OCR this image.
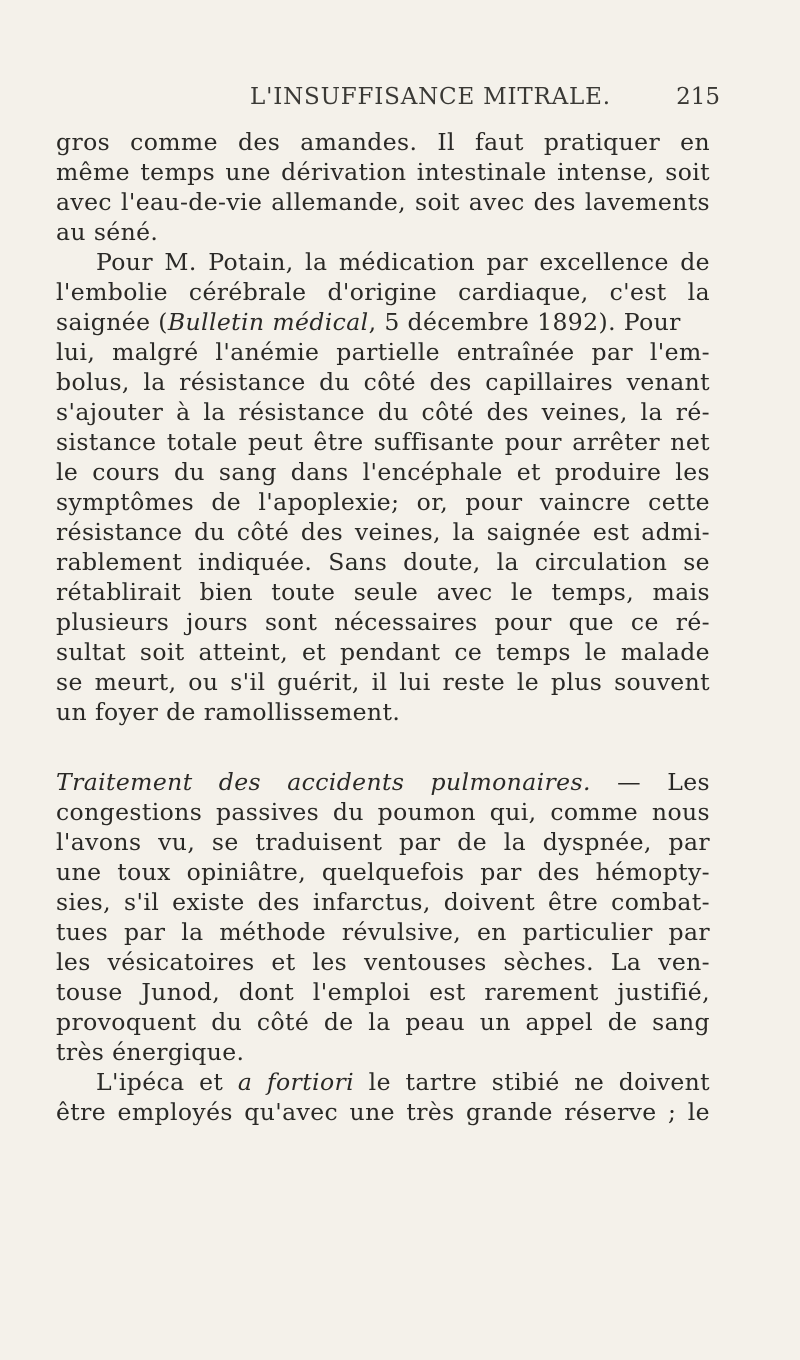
L'INSUFFISANCE MITRALE.	215
gros comme des amandes. Il faut pratiquer en
même temps une dérivation intestinale intense, soit
avec l'eau-de-vie allemande, soit avec des lavements
au séné.
Pour M. Potain, la médication par excellence de
l'embolie cérébrale d'origine cardiaque, c'est la
saignée (Bulletin médical, 5 décembre 1892). Pour
lui, malgré l'anémie partielle entraînée par l'em-
bolus, la résistance du côté des capillaires venant
s'ajouter à la résistance du côté des veines, la ré-
sistance totale peut être suffisante pour arrêter net
le cours du sang dans l'encéphale et produire les
symptômes de l'apoplexie; or, pour vaincre cette
résistance du côté des veines, la saignée est admi-
rablement indiquée. Sans doute, la circulation se
rétablirait bien toute seule avec le temps, mais
plusieurs jours sont nécessaires pour que ce ré-
sultat soit atteint, et pendant ce temps le malade
se meurt, ou s'il guérit, il lui reste le plus souvent
un foyer de ramollissement.
Traitement des accidents pulmonaires. — Les
congestions passives du poumon qui, comme nous
l'avons vu, se traduisent par de la dyspnée, par
une toux opiniâtre, quelquefois par des hémopty-
sies, s'il existe des infarctus, doivent être combat-
tues par la méthode révulsive, en particulier par
les vésicatoires et les ventouses sèches. La ven-
touse Junod, dont l'emploi est rarement justifié,
provoquent du côté de la peau un appel de sang
très énergique.
L'ipéca et a fortiori le tartre stibié ne doivent
être employés qu'avec une très grande réserve ; le
